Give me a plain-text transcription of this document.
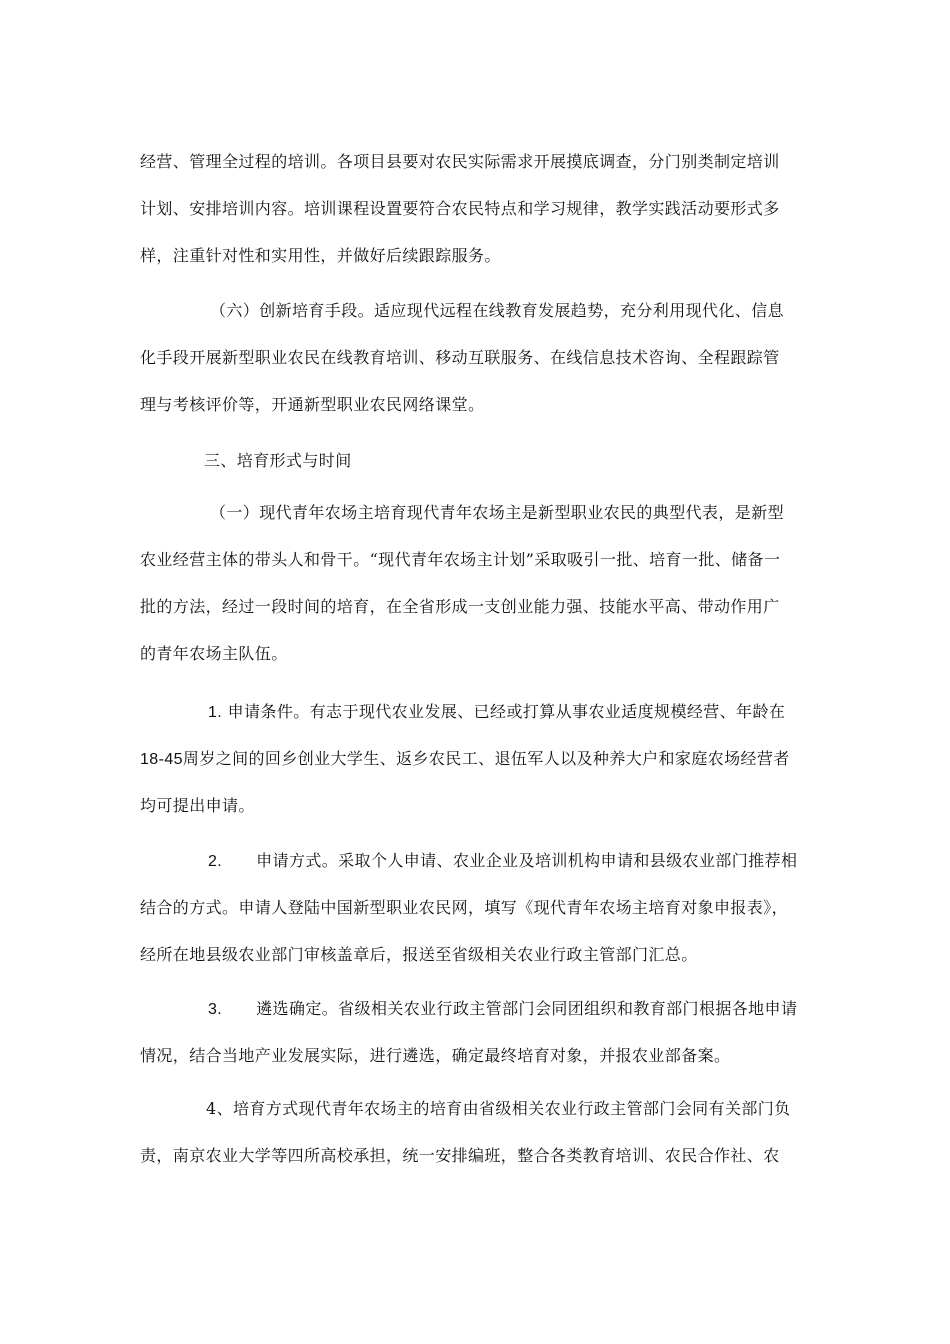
经营、管理全过程的培训。各项目县要对农民实际需求开展摸底调查，分门别类制定培训
计划、安排培训内容。培训课程设置要符合农民特点和学习规律，教学实践活动要形式多
样，注重针对性和实用性，并做好后续跟踪服务。
（六）创新培育手段。适应现代远程在线教育发展趋势，充分利用现代化、信息
化手段开展新型职业农民在线教育培训、移动互联服务、在线信息技术咨询、全程跟踪管
理与考核评价等，开通新型职业农民网络课堂。
三、培育形式与时间
（一）现代青年农场主培育现代青年农场主是新型职业农民的典型代表，是新型
农业经营主体的带头人和骨干。“现代青年农场主计划”采取吸引一批、培育一批、储备一
批的方法，经过一段时间的培育，在全省形成一支创业能力强、技能水平高、带动作用广
的青年农场主队伍。
1. 申请条件。有志于现代农业发展、已经或打算从事农业适度规模经营、年龄在
18-45周岁之间的回乡创业大学生、返乡农民工、退伍军人以及种养大户和家庭农场经营者
均可提出申请。
2. 申请方式。采取个人申请、农业企业及培训机构申请和县级农业部门推荐相
结合的方式。申请人登陆中国新型职业农民网，填写《现代青年农场主培育对象申报表》，
经所在地县级农业部门审核盖章后，报送至省级相关农业行政主管部门汇总。
3. 遴选确定。省级相关农业行政主管部门会同团组织和教育部门根据各地申请
情况，结合当地产业发展实际，进行遴选，确定最终培育对象，并报农业部备案。
4、培育方式现代青年农场主的培育由省级相关农业行政主管部门会同有关部门负
责，南京农业大学等四所高校承担，统一安排编班，整合各类教育培训、农民合作社、农
